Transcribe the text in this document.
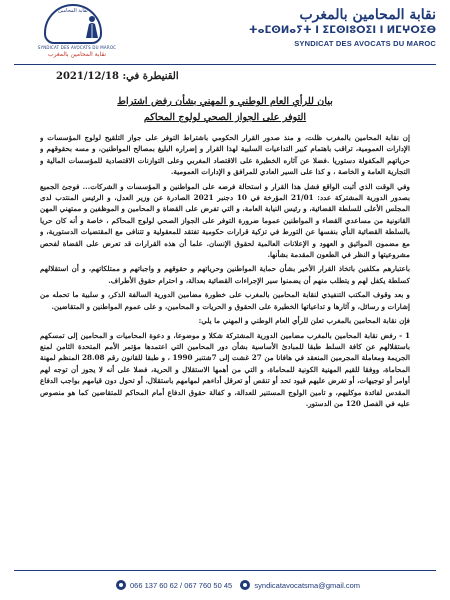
نقابة المحامين
SYNDICAT DES AVOCATS DU MAROC
نقابة المحامين بالمغرب
نقابة المحامين بالمغرب
ⵜⴰⵎⵙⵍⴰⵢⵜ ⵏ ⵉⵎⵙⵏⵓⵔⵉⵏ ⵏ ⵍⵎⵖⵔⵉⴱ
SYNDICAT DES AVOCATS DU MAROC
القنيطرة في: 2021/12/18
بيان للرأي العام الوطني و المهني بشأن رفض اشتراط
التوفر على الجواز الصحي لولوج المحاكم

إن نقابة المحامين بالمغرب ظلت، و منذ صدور القرار الحكومي باشتراط التوفر على جواز التلقيح لولوج المؤسسات و الإدارات العمومية، تراقب باهتمام كبير التداعيات السلبية لهذا القرار و إضراره البليغ بمصالح المواطنين، و مسه بحقوقهم و حرياتهم المكفولة دستوريا .فضلا عن آثاره الخطيرة على الاقتصاد المغربي وعلى التوازنات الاقتصادية للمؤسسات المالية و التجارية العامة و الخاصة ، و كذا على السير العادي للمرافق و الإدارات العمومية.

وفي الوقت الذي أثبت الواقع فشل هذا القرار و استحالة فرضه على المواطنين و المؤسسات و الشركات... فوجئ الجميع بصدور الدورية المشتركة عدد: 21/01 المؤرخة في 10 دجنبر 2021 الصادرة عن وزير العدل، و الرئيس المنتدب لدى المجلس الأعلى للسلطة القضائية، و رئيس النيابة العامة، و التي تفرض على القضاة و المحامين و الموظفين و ممتهني المهن القانونية من مساعدي القضاء و المواطنين عموما ضرورة التوفر على الجواز الصحي لولوج المحاكم ، خاصة و أنه كان حريا بالسلطة القضائية النأي بنفسها عن التورط في تزكية قرارات حكومية تفتقد للمعقولية و تتنافى مع المقتضيات الدستورية، و مع مضمون المواثيق و العهود و الإعلانات العالمية لحقوق الإنسان. علما أن هذه القرارات قد تعرض على القضاة لفحص مشروعيتها و النظر في الطعون المقدمة بشأنها.

باعتبارهم مكلفين باتخاذ القرار الأخير بشأن حماية المواطنين وحرياتهم و حقوقهم و واجباتهم و ممتلكاتهم، و أن استقلالهم كسلطة يكفل لهم و يتطلب منهم أن يضمنوا سير الإجراءات القضائية بعدالة، و احترام حقوق الأطراف.

و بعد وقوف المكتب التنفيذي لنقابة المحامين بالمغرب على خطورة مضامين الدورية السالفة الذكر، و سلبية ما تحمله من إشارات و رسائل، و آثارها و تداعياتها الخطيرة على الحقوق و الحريات و المحامين، و على عموم المواطنين و المتقاضين.

فإن نقابة المحامين بالمغرب تعلن للرأي العام الوطني و المهني ما يلي:

1 - رفض نقابة المحامين بالمغرب مضامين الدورية المشتركة شكلا و موضوعا، و دعوة المحاميات و المحامين إلى تمسكهم باستقلالهم عن كافة السلط طبقا للمبادئ الأساسية بشأن دور المحامين التي اعتمدها مؤتمر الأمم المتحدة الثامن لمنع الجريمة ومعاملة المجرمين المنعقد في هافانا من 27 غشت إلى 7شتنبر 1990 ، و طبقا للقانون رقم 28.08 المنظم لمهنة المحاماة، ووفقا للقيم المهنية الكونية للمحاماة، و التي من أهمها الاستقلال و الحرية، فضلا على أنه لا يجوز أن توجه لهم أوامر أو توجيهات، أو تفرض عليهم قيود تحد أو تنقص أو تعرقل أداءهم لمهامهم باستقلال، أو تحول دون قيامهم بواجب الدفاع المقدس لفائدة موكليهم، و تامين الولوج المستنير للعدالة، و كفالة حقوق الدفاع أمام المحاكم للمتقاضين كما هو منصوص عليه في الفصل 120 من الدستور.

066 137 60 62 / 067 760 50 45	syndicatavocatsma@gmail.com
